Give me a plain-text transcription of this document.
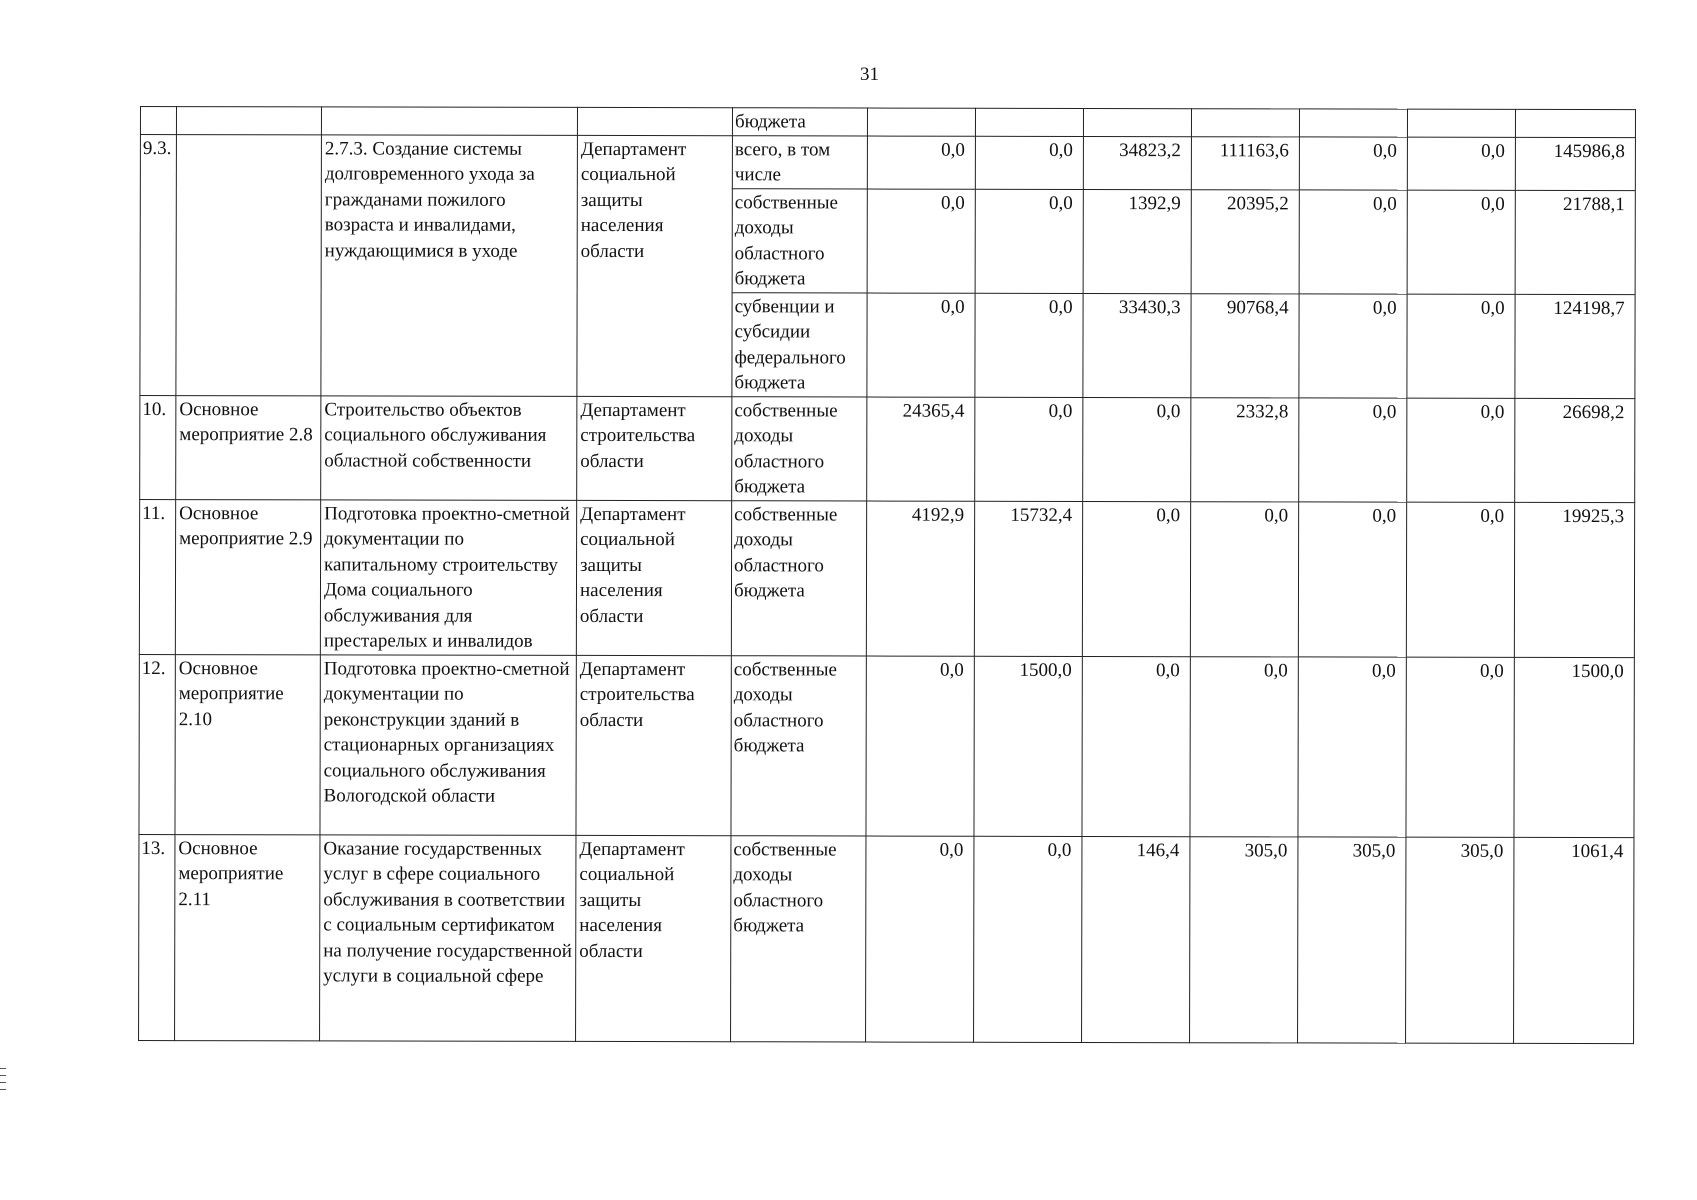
31
				бюджета							
9.3.		2.7.3. Создание системы долговременного ухода за гражданами пожилого возраста и инвалидами, нуждающимися в уходе	Департамент социальной защиты населения области	всего, в том числе	0,0	0,0	34823,2	111163,6	0,0	0,0	145986,8
				собственные доходы областного бюджета	0,0	0,0	1392,9	20395,2	0,0	0,0	21788,1
				субвенции и субсидии федерального бюджета	0,0	0,0	33430,3	90768,4	0,0	0,0	124198,7
10.	Основное мероприятие 2.8	Строительство объектов социального обслуживания областной собственности	Департамент строительства области	собственные доходы областного бюджета	24365,4	0,0	0,0	2332,8	0,0	0,0	26698,2
11.	Основное мероприятие 2.9	Подготовка проектно-сметной документации по капитальному строительству Дома социального обслуживания для престарелых и инвалидов	Департамент социальной защиты населения области	собственные доходы областного бюджета	4192,9	15732,4	0,0	0,0	0,0	0,0	19925,3
12.	Основное мероприятие 2.10	Подготовка проектно-сметной документации по реконструкции зданий в стационарных организациях социального обслуживания Вологодской области	Департамент строительства области	собственные доходы областного бюджета	0,0	1500,0	0,0	0,0	0,0	0,0	1500,0
13.	Основное мероприятие 2.11	Оказание государственных услуг в сфере социального обслуживания в соответствии с социальным сертификатом на получение государственной услуги в социальной сфере	Департамент социальной защиты населения области	собственные доходы областного бюджета	0,0	0,0	146,4	305,0	305,0	305,0	1061,4
